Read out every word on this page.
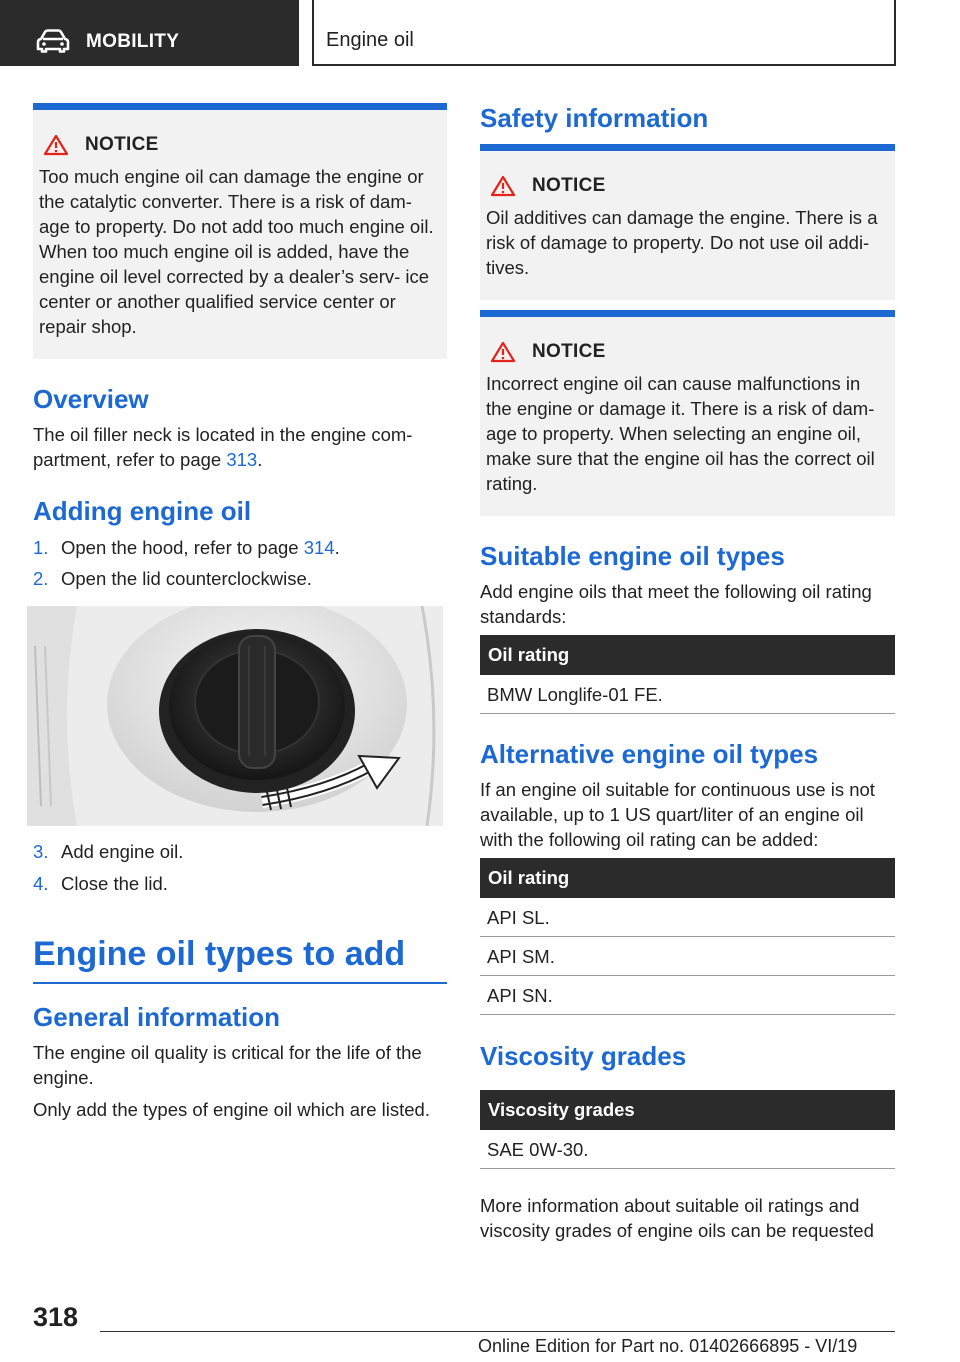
MOBILITY	Engine oil
NOTICE
Too much engine oil can damage the engine or the catalytic converter. There is a risk of dam- age to property. Do not add too much engine oil. When too much engine oil is added, have the engine oil level corrected by a dealer’s serv- ice center or another qualified service center or repair shop.
Overview
The oil filler neck is located in the engine com- partment, refer to page 313.
Adding engine oil
1. Open the hood, refer to page 314.
2. Open the lid counterclockwise.
3. Add engine oil.
4. Close the lid.
Engine oil types to add
General information
The engine oil quality is critical for the life of the engine.
Only add the types of engine oil which are listed.
Safety information
NOTICE
Oil additives can damage the engine. There is a risk of damage to property. Do not use oil addi- tives.
NOTICE
Incorrect engine oil can cause malfunctions in the engine or damage it. There is a risk of dam- age to property. When selecting an engine oil, make sure that the engine oil has the correct oil rating.
Suitable engine oil types
Add engine oils that meet the following oil rating standards:
Oil rating
BMW Longlife-01 FE.
Alternative engine oil types
If an engine oil suitable for continuous use is not available, up to 1 US quart/liter of an engine oil with the following oil rating can be added:
Oil rating
API SL.
API SM.
API SN.
Viscosity grades
Viscosity grades
SAE 0W-30.
More information about suitable oil ratings and viscosity grades of engine oils can be requested
318
Online Edition for Part no. 01402666895 - VI/19
